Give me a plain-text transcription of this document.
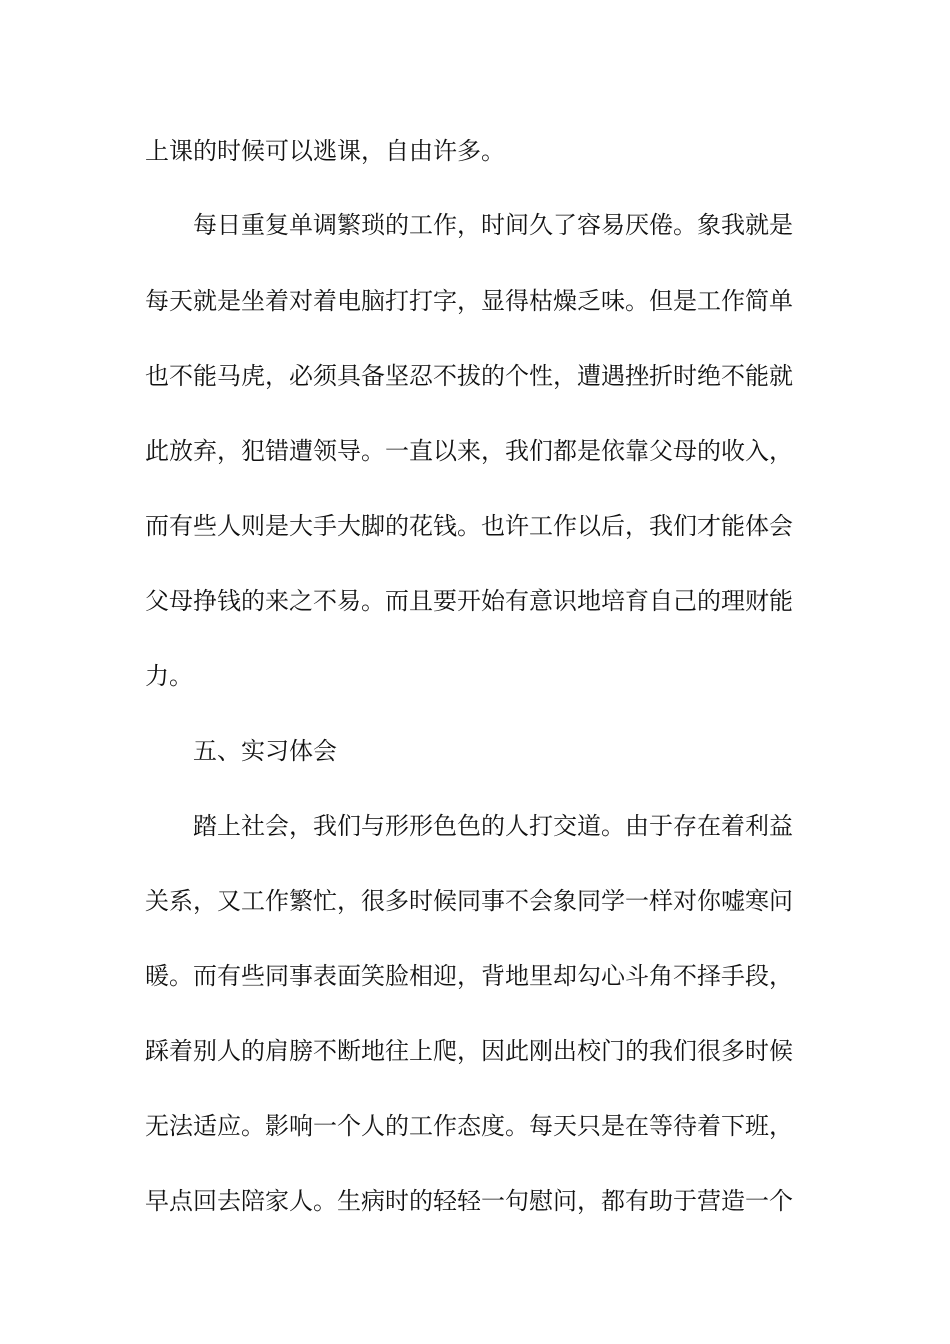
上课的时候可以逃课，自由许多。
每日重复单调繁琐的工作，时间久了容易厌倦。象我就是
每天就是坐着对着电脑打打字，显得枯燥乏味。但是工作简单
也不能马虎，必须具备坚忍不拔的个性，遭遇挫折时绝不能就
此放弃，犯错遭领导。一直以来，我们都是依靠父母的收入，
而有些人则是大手大脚的花钱。也许工作以后，我们才能体会
父母挣钱的来之不易。而且要开始有意识地培育自己的理财能
力。
五、实习体会
踏上社会，我们与形形色色的人打交道。由于存在着利益
关系，又工作繁忙，很多时候同事不会象同学一样对你嘘寒问
暖。而有些同事表面笑脸相迎，背地里却勾心斗角不择手段，
踩着别人的肩膀不断地往上爬，因此刚出校门的我们很多时候
无法适应。影响一个人的工作态度。每天只是在等待着下班，
早点回去陪家人。生病时的轻轻一句慰问，都有助于营造一个
